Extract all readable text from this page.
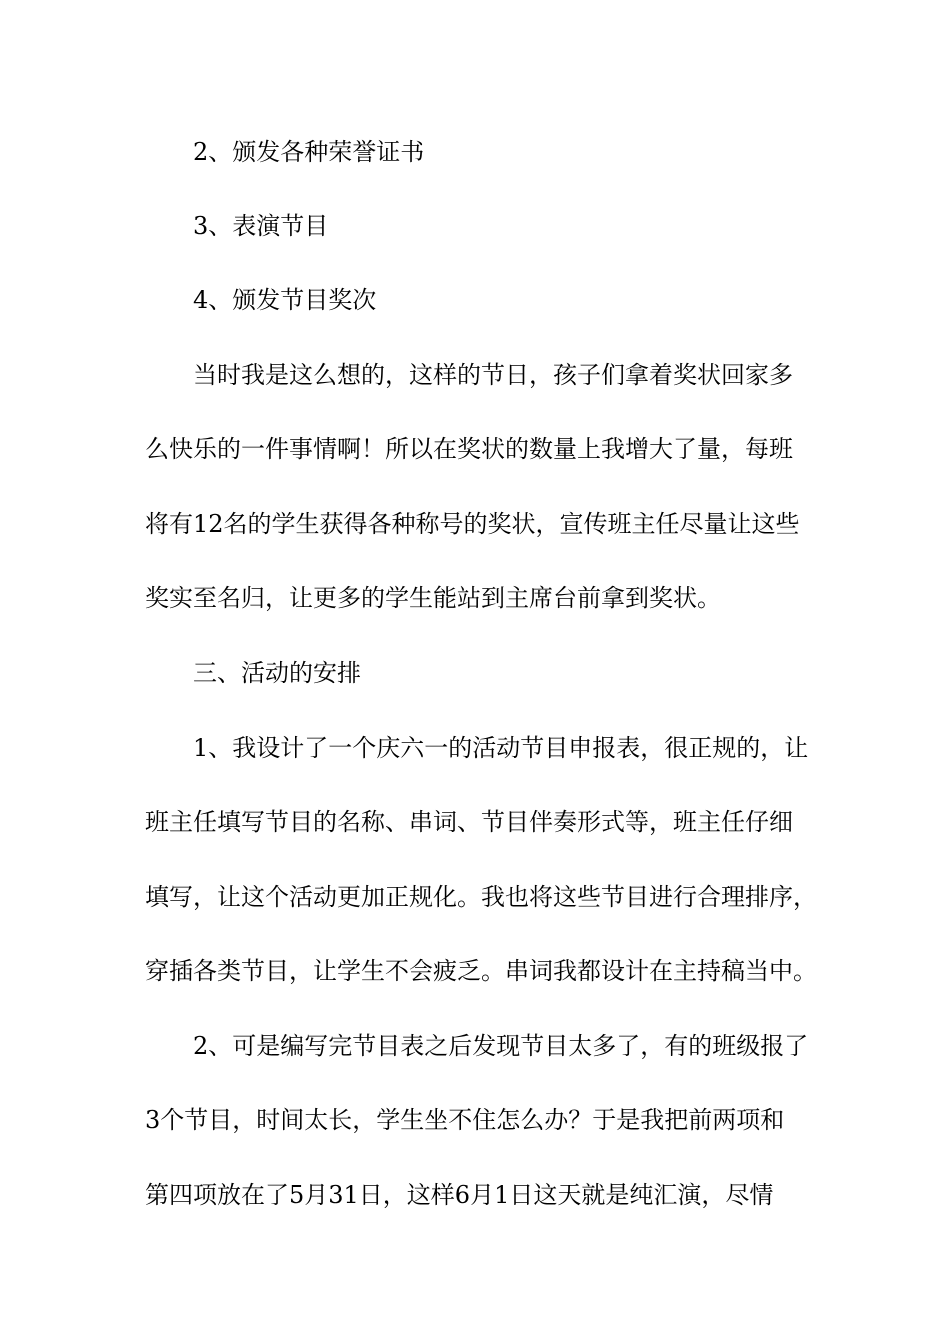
2、颁发各种荣誉证书
3、表演节目
4、颁发节目奖次
当时我是这么想的，这样的节日，孩子们拿着奖状回家多
么快乐的一件事情啊！所以在奖状的数量上我增大了量，每班
将有12名的学生获得各种称号的奖状，宣传班主任尽量让这些
奖实至名归，让更多的学生能站到主席台前拿到奖状。
三、活动的安排
1、我设计了一个庆六一的活动节目申报表，很正规的，让
班主任填写节目的名称、串词、节目伴奏形式等，班主任仔细
填写，让这个活动更加正规化。我也将这些节目进行合理排序，
穿插各类节目，让学生不会疲乏。串词我都设计在主持稿当中。
2、可是编写完节目表之后发现节目太多了，有的班级报了
3个节目，时间太长，学生坐不住怎么办？于是我把前两项和
第四项放在了5月31日，这样6月1日这天就是纯汇演，尽情
